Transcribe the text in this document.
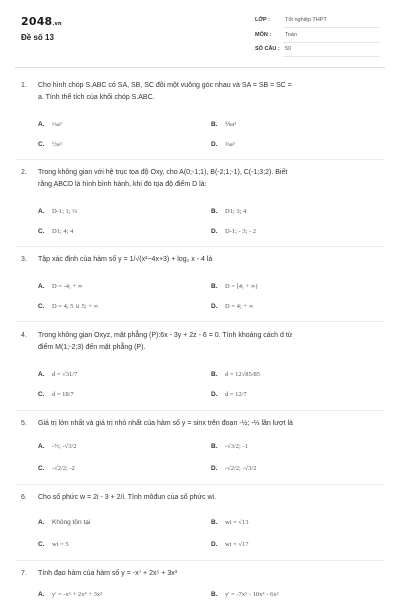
2048.vn
Đề số 13
LỚP :	Tốt nghiệp THPT
MÔN :	Toán
SỐ CÂU : 50
1. Cho hình chóp S.ABC có SA, SB, SC đôi một vuông góc nhau và SA = SB = SC =
a. Tính thể tích của khối chóp S.ABC.
A. ⅓a³	B. ⅙a³
C. ½a³	D. ⅔a³
2. Trong không gian với hệ trục tọa độ Oxy, cho A(0;-1;1), B(-2;1;-1), C(-1;3;2). Biết
rằng ABCD là hình bình hành, khi đó tọa độ điểm D là:
A. D-1; 1; ⅔	B. D1; 3; 4
C. D1; 4; 4	D. D-1; - 3; - 2
3. Tập xác định của hàm số y = 1/√(x²−4x+3) + log₂ x - 4 là
A. D = -4; + ∞	B. D = [4; + ∞)
C. D = 4; 5 ∪ 5; + ∞	D. D = 4; + ∞
4. Trong không gian Oxyz, mặt phẳng (P):6x - 3y + 2z - 6 = 0. Tính khoảng cách d từ
điểm M(1;-2;3) đến mặt phẳng (P).
A. d = √31/7	B. d = 12√85/85
C. d = 18/7	D. d = 12/7
5. Giá trị lớn nhất và giá trị nhỏ nhất của hàm số y = sinx trên đoạn -½; -⅓ lần lượt là
A. -½; -√3/2	B. -√3/2; -1
C. -√2/2; -2	D. -√2/2; -√3/2
6. Cho số phức w = 2i - 3 + 2/i. Tính môđun của số phức wi.
A. Không tồn tại	B. wi = √13
C. wi = 5	D. wi = √17
7. Tính đạo hàm của hàm số y = -x⁷ + 2x⁵ + 3x³
A. y' = -x⁶ + 2x⁴ + 3x²	B. y' = -7x⁶ - 10x⁴ - 6x²
